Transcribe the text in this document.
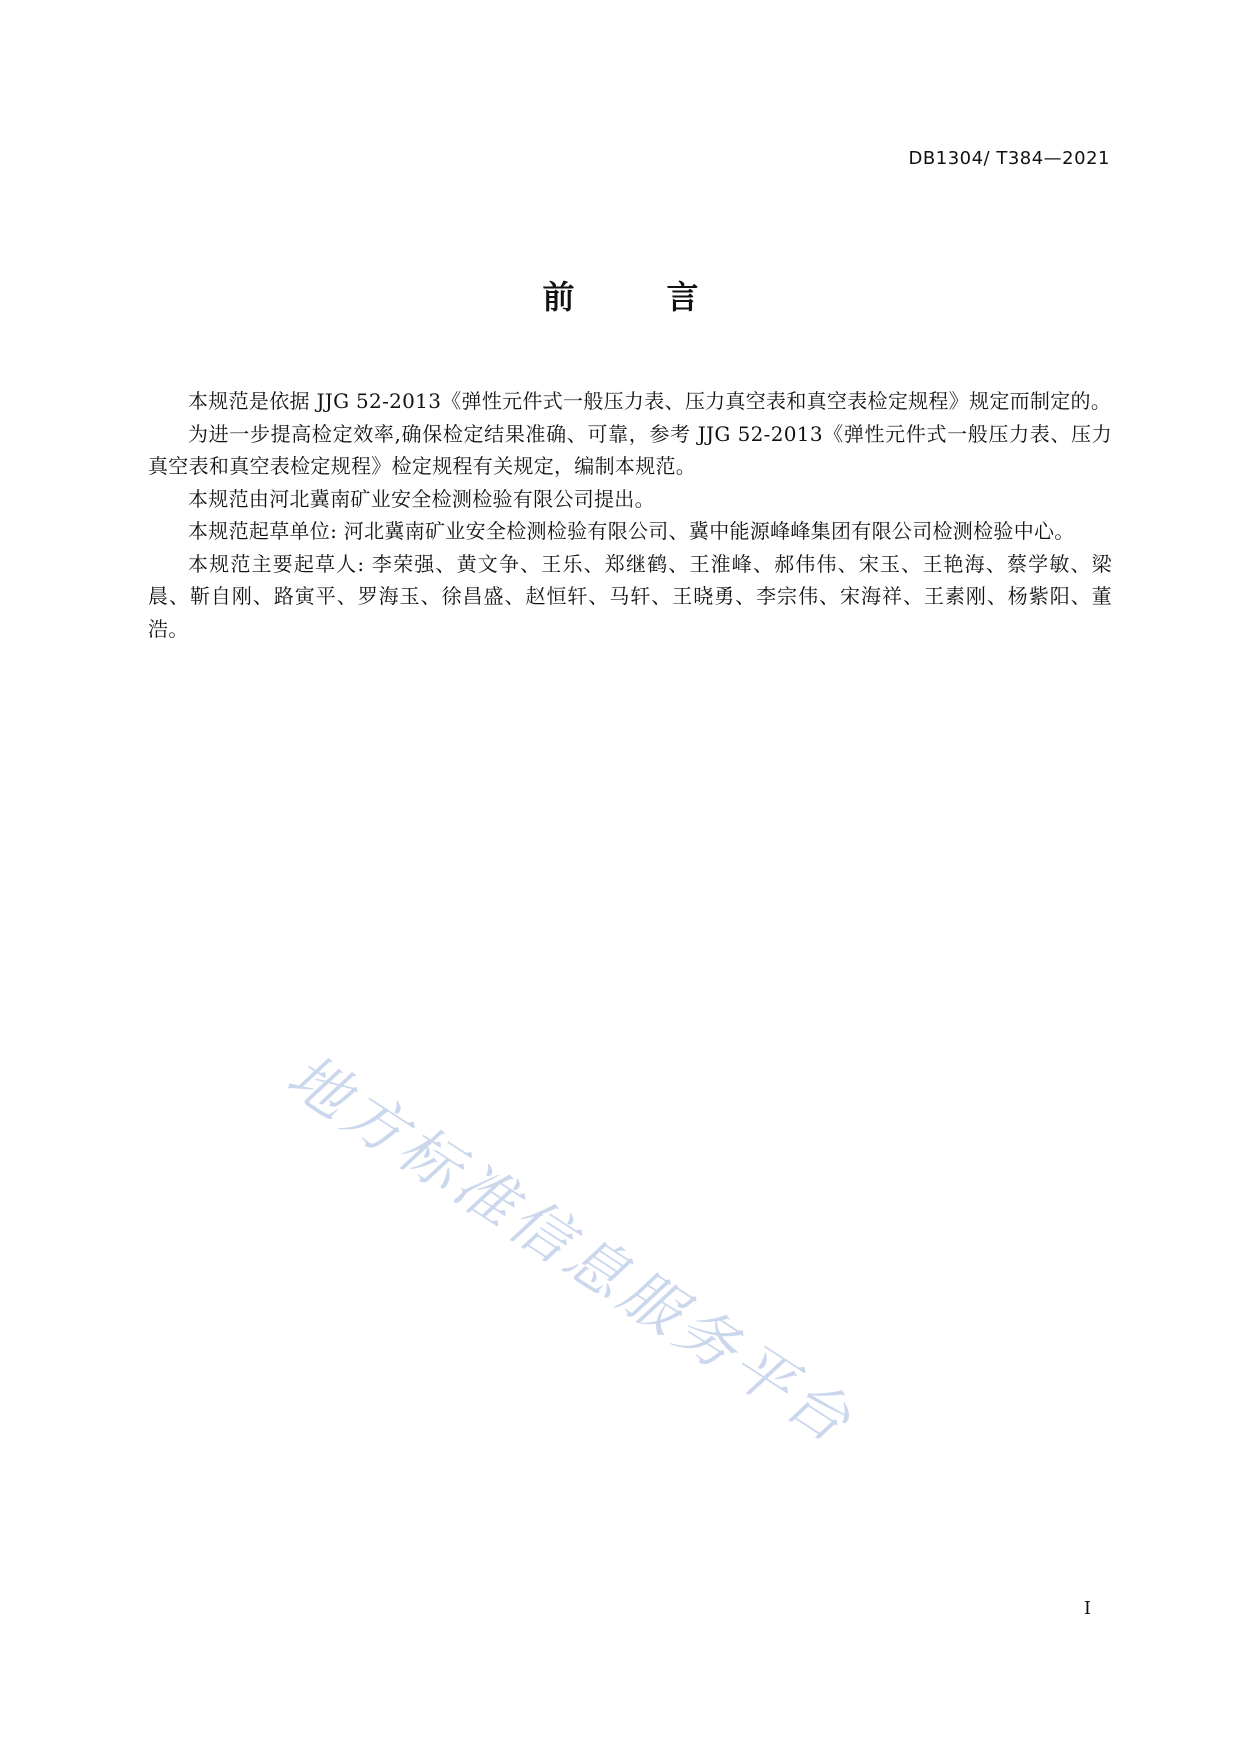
DB1304/ T384—2021
前　言

本规范是依据 JJG 52-2013《弹性元件式一般压力表、压力真空表和真空表检定规程》规定而制定的。

为进一步提高检定效率,确保检定结果准确、可靠，参考 JJG 52-2013《弹性元件式一般压力表、压力真空表和真空表检定规程》检定规程有关规定，编制本规范。

本规范由河北冀南矿业安全检测检验有限公司提出。

本规范起草单位: 河北冀南矿业安全检测检验有限公司、冀中能源峰峰集团有限公司检测检验中心。

本规范主要起草人: 李荣强、黄文争、王乐、郑继鹤、王淮峰、郝伟伟、宋玉、王艳海、蔡学敏、梁晨、靳自刚、路寅平、罗海玉、徐昌盛、赵恒轩、马轩、王晓勇、李宗伟、宋海祥、王素刚、杨紫阳、董浩。

地方标准信息服务平台
I
